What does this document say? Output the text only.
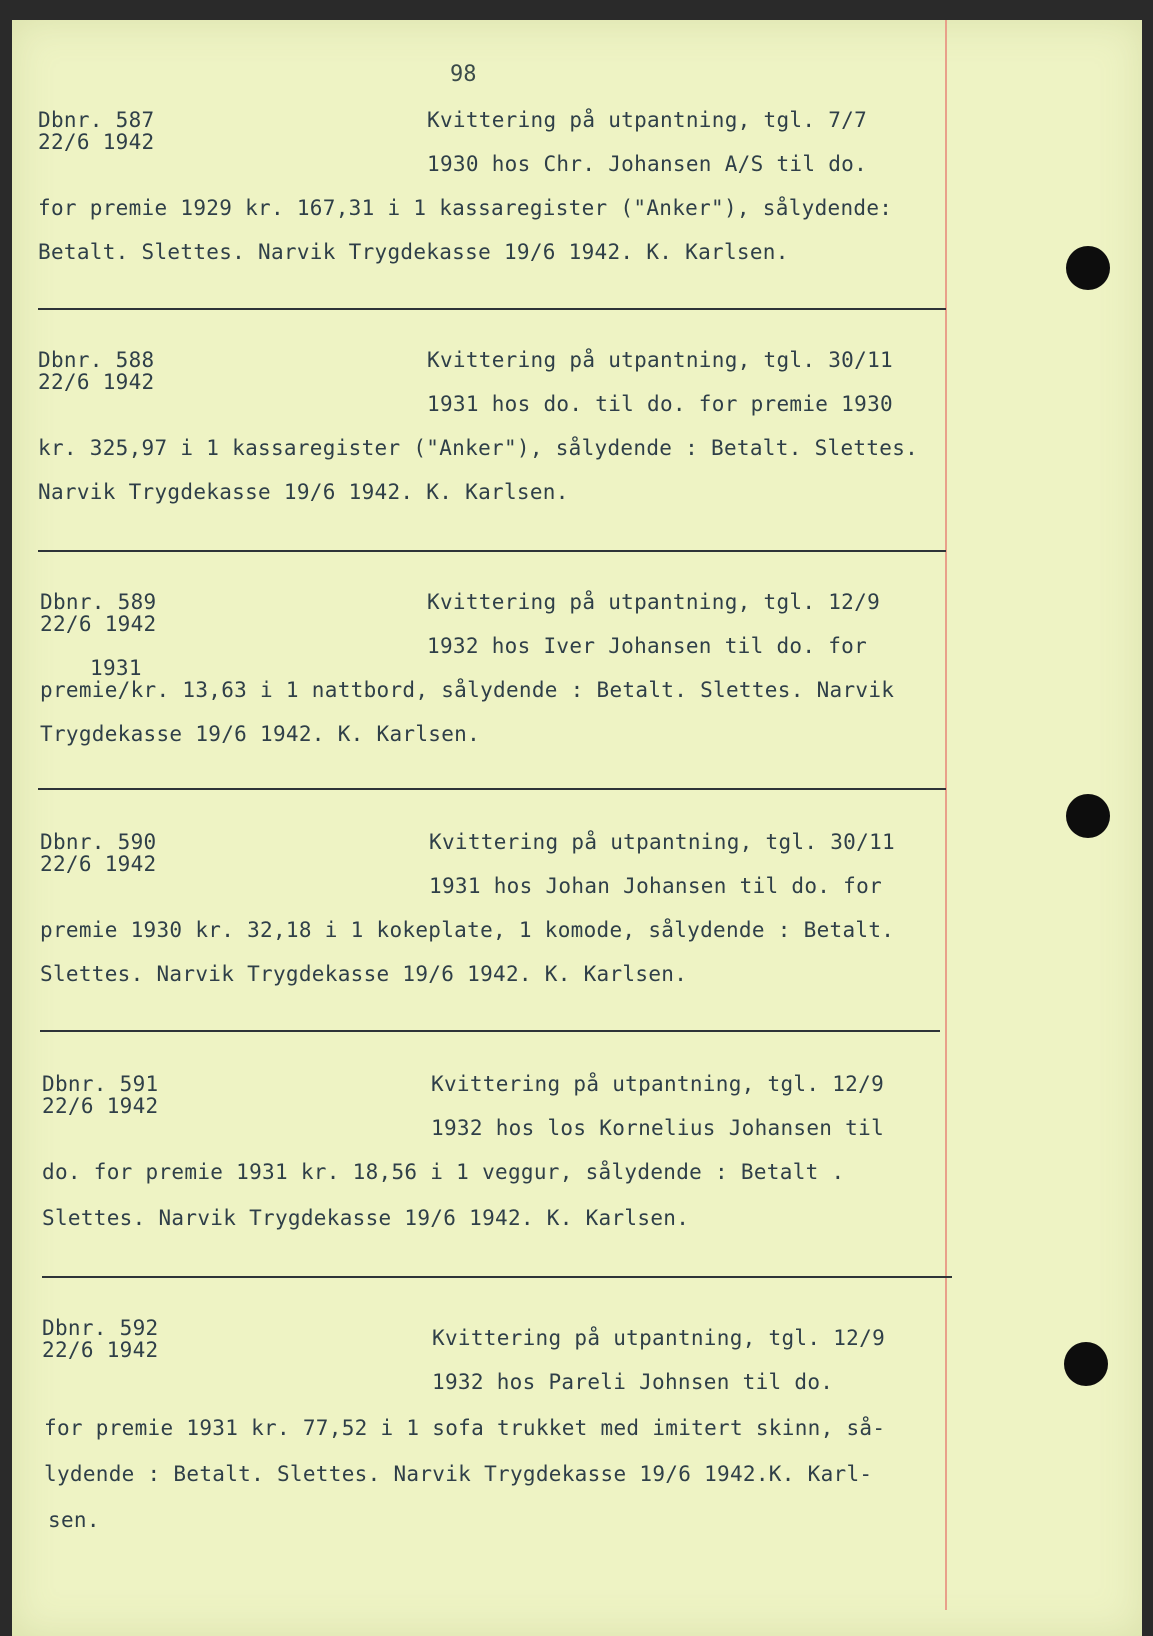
98
Dbnr. 587
22/6 1942
Kvittering på utpantning, tgl. 7/7
1930 hos Chr. Johansen A/S til do.
for premie 1929 kr. 167,31 i 1 kassaregister ("Anker"), sålydende:
Betalt. Slettes. Narvik Trygdekasse 19/6 1942. K. Karlsen.
Dbnr. 588
22/6 1942
Kvittering på utpantning, tgl. 30/11
1931 hos do. til do. for premie 1930
kr. 325,97 i 1 kassaregister ("Anker"), sålydende : Betalt. Slettes.
Narvik Trygdekasse 19/6 1942. K. Karlsen.
Dbnr. 589
22/6 1942
Kvittering på utpantning, tgl. 12/9
1932 hos Iver Johansen til do. for
1931
premie/kr. 13,63 i 1 nattbord, sålydende : Betalt. Slettes. Narvik
Trygdekasse 19/6 1942. K. Karlsen.
Dbnr. 590
22/6 1942
Kvittering på utpantning, tgl. 30/11
1931 hos Johan Johansen til do. for
premie 1930 kr. 32,18 i 1 kokeplate, 1 komode, sålydende : Betalt.
Slettes. Narvik Trygdekasse 19/6 1942. K. Karlsen.
Dbnr. 591
22/6 1942
Kvittering på utpantning, tgl. 12/9
1932 hos los Kornelius Johansen til
do. for premie 1931 kr. 18,56 i 1 veggur, sålydende : Betalt .
Slettes. Narvik Trygdekasse 19/6 1942. K. Karlsen.
Dbnr. 592
22/6 1942	Kvittering på utpantning, tgl. 12/9
1932 hos Pareli Johnsen til do.
for premie 1931 kr. 77,52 i 1 sofa trukket med imitert skinn, så-
lydende : Betalt. Slettes. Narvik Trygdekasse 19/6 1942.K. Karl-
sen.
